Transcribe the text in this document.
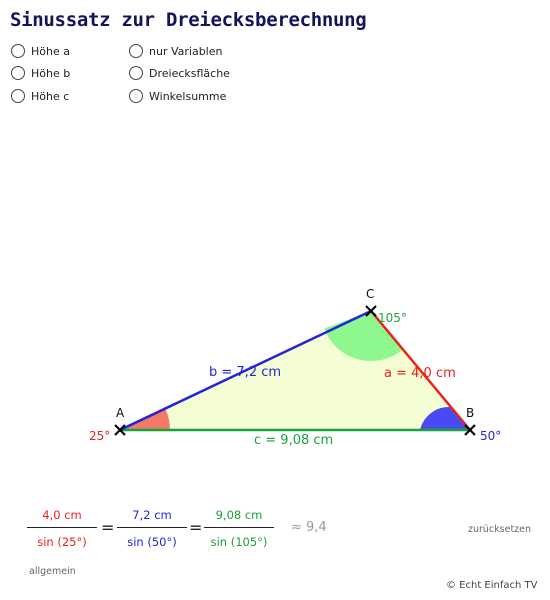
Sinussatz zur Dreiecksberechnung
Höhe a
Höhe b
Höhe c
nur Variablen
Dreiecksfläche
Winkelsumme
A	B
C
25°	50°
105°
b = 7,2 cm	a = 4,0 cm
c = 9,08 cm
4,0 cm
sin (25°)
=
7,2 cm
sin (50°)
=
9,08 cm
sin (105°)
≈ 9,4	zurücksetzen
allgemein
© Echt Einfach TV
